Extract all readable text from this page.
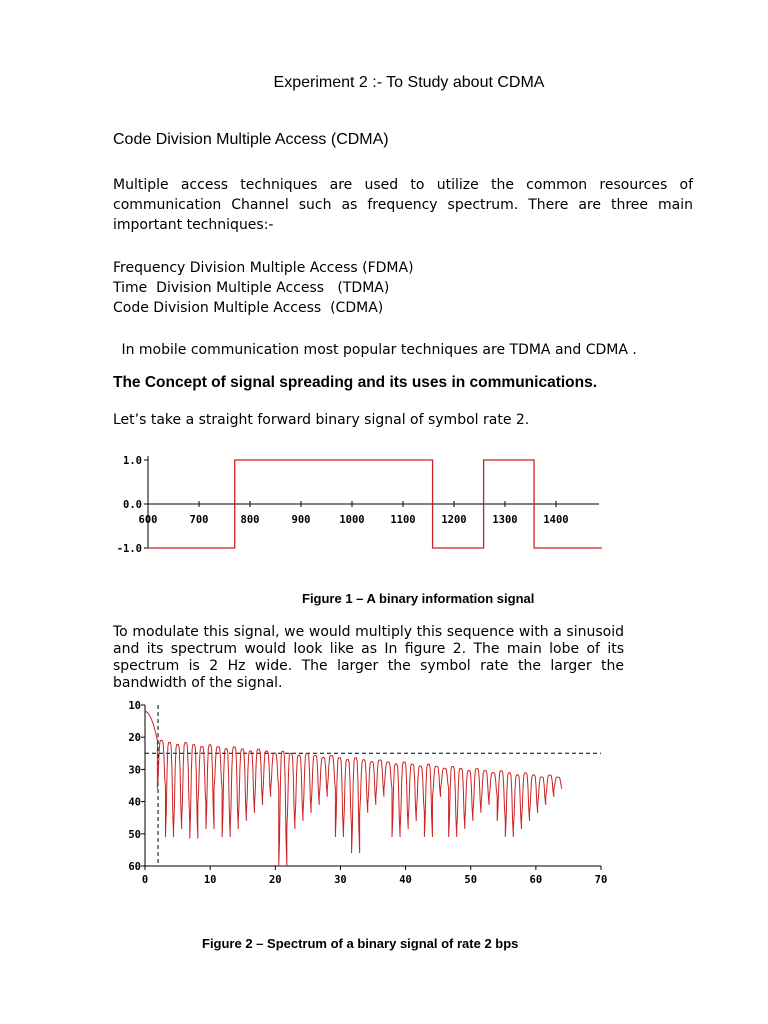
Experiment 2 :- To Study about CDMA
Code Division Multiple Access (CDMA)
Multiple access techniques are used to utilize the common resources of communication Channel such as frequency spectrum. There are three main important techniques:-
Frequency Division Multiple Access (FDMA)
Time  Division Multiple Access   (TDMA)
Code Division Multiple Access  (CDMA)
In mobile communication most popular techniques are TDMA and CDMA .
The Concept of signal spreading and its uses in communications.
Let’s take a straight forward binary signal of symbol rate 2.
1.0
0.0
-1.0
600	700	800	900	1000 1100 1200 1300 1400
Figure 1 – A binary information signal
To modulate this signal, we would multiply this sequence with a sinusoid and its spectrum would look like as In figure 2. The main lobe of its spectrum is 2 Hz wide. The larger the symbol rate the larger the bandwidth of the signal.
10
20
30
40
50
60
0	10	20	30	40	50	60	70
Figure 2 – Spectrum of a binary signal of rate 2 bps
